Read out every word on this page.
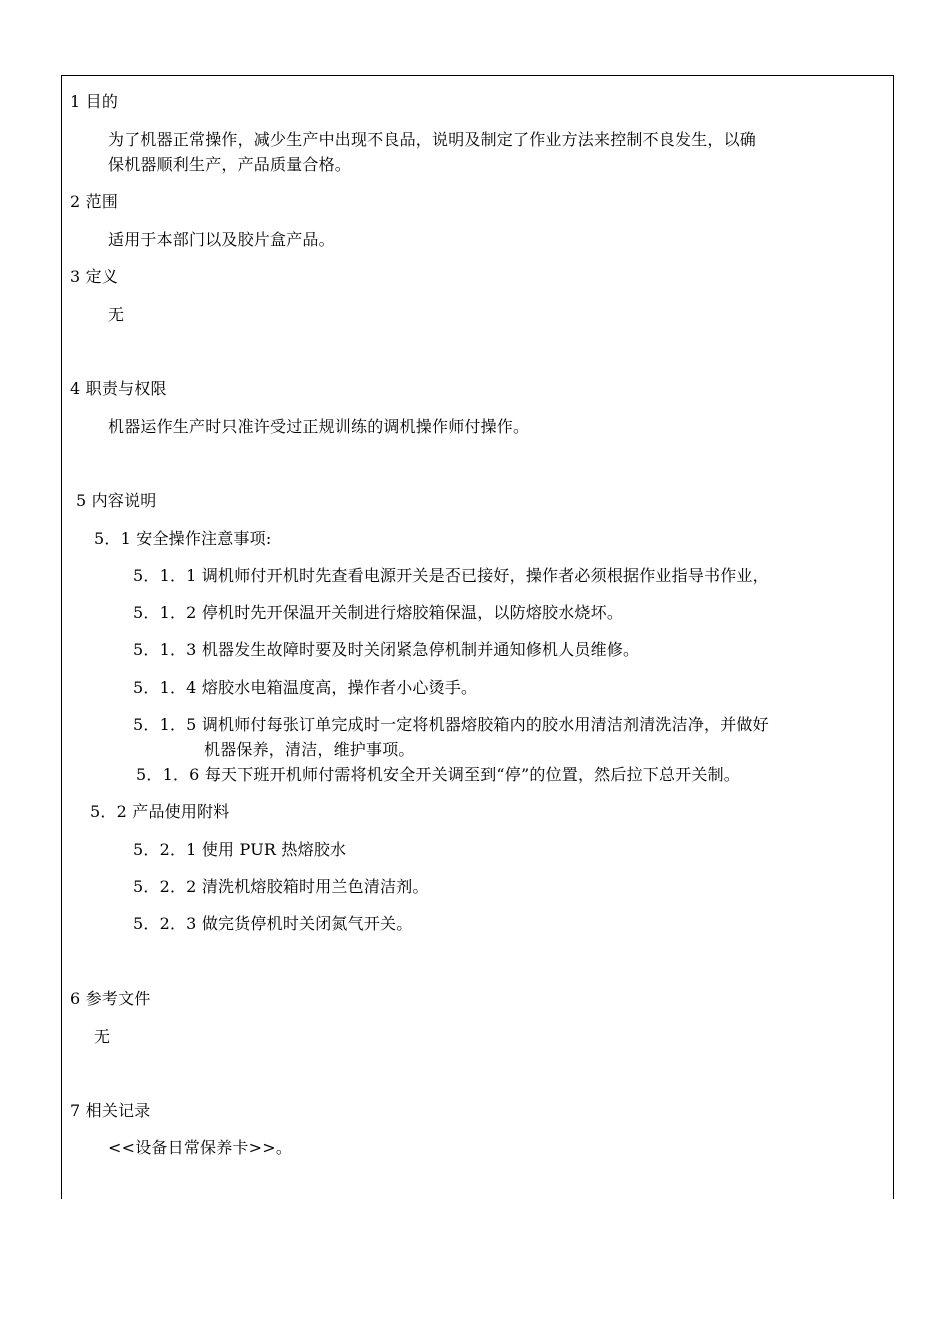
1 目的
为了机器正常操作，减少生产中出现不良品，说明及制定了作业方法来控制不良发生，以确
保机器顺利生产，产品质量合格。
2 范围
适用于本部门以及胶片盒产品。
3 定义
无
4 职责与权限
机器运作生产时只准许受过正规训练的调机操作师付操作。
5 内容说明
5．1 安全操作注意事项:
5．1．1 调机师付开机时先查看电源开关是否已接好，操作者必须根据作业指导书作业，
5．1．2 停机时先开保温开关制进行熔胶箱保温，以防熔胶水烧坏。
5．1．3 机器发生故障时要及时关闭紧急停机制并通知修机人员维修。
5．1．4 熔胶水电箱温度高，操作者小心烫手。
5．1．5 调机师付每张订单完成时一定将机器熔胶箱内的胶水用清洁剂清洗洁净，并做好
机器保养，清洁，维护事项。
5．1．6 每天下班开机师付需将机安全开关调至到“停”的位置，然后拉下总开关制。
5．2 产品使用附料
5．2．1 使用 PUR 热熔胶水
5．2．2 清洗机熔胶箱时用兰色清洁剂。
5．2．3 做完货停机时关闭氮气开关。
6 参考文件
无
7 相关记录
<<设备日常保养卡>>。
